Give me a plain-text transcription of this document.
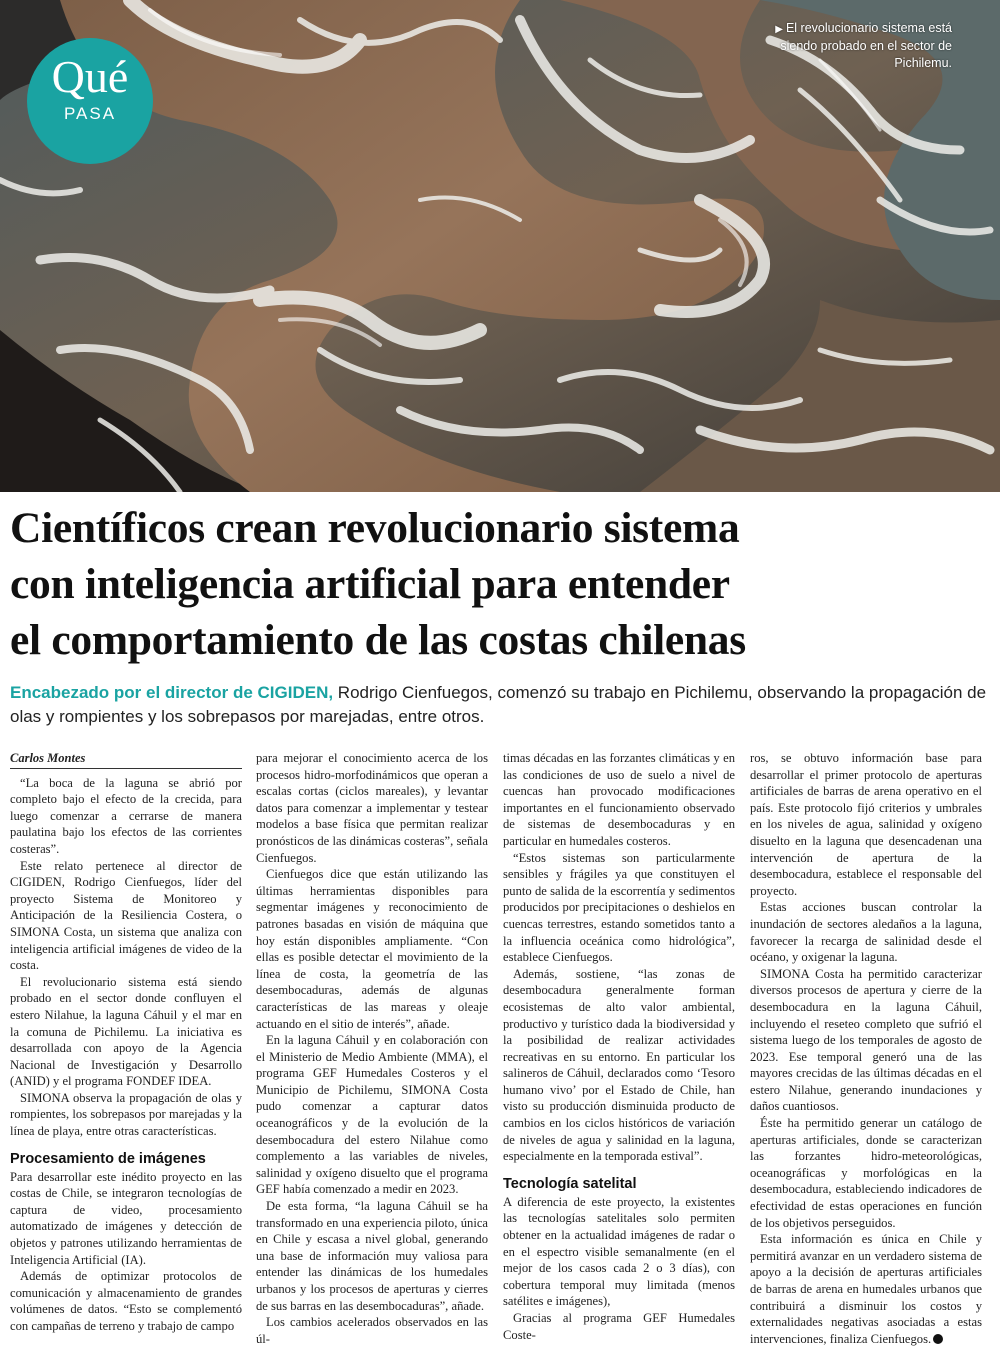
▶ El revolucionario sistema está siendo probado en el sector de Pichilemu.
Qué
PASA
Científicos crean revolucionario sistema
con inteligencia artificial para entender
el comportamiento de las costas chilenas
Encabezado por el director de CIGIDEN, Rodrigo Cienfuegos, comenzó su trabajo en Pichilemu, observando la propagación de olas y rompientes y los sobrepasos por marejadas, entre otros.
Carlos Montes

“La boca de la laguna se abrió por completo bajo el efecto de la crecida, para luego comenzar a cerrarse de manera paulatina bajo los efectos de las corrientes costeras”.

Este relato pertenece al director de CIGIDEN, Rodrigo Cienfuegos, líder del proyecto Sistema de Monitoreo y Anticipación de la Resiliencia Costera, o SIMONA Costa, un sistema que analiza con inteligencia artificial imágenes de video de la costa.

El revolucionario sistema está siendo probado en el sector donde confluyen el estero Nilahue, la laguna Cáhuil y el mar en la comuna de Pichilemu. La iniciativa es desarrollada con apoyo de la Agencia Nacional de Investigación y Desarrollo (ANID) y el programa FONDEF IDEA.

SIMONA observa la propagación de olas y rompientes, los sobrepasos por marejadas y la línea de playa, entre otras características.

Procesamiento de imágenes

Para desarrollar este inédito proyecto en las costas de Chile, se integraron tecnologías de captura de video, procesamiento automatizado de imágenes y detección de objetos y patrones utilizando herramientas de Inteligencia Artificial (IA).

Además de optimizar protocolos de comunicación y almacenamiento de grandes volúmenes de datos. “Esto se complementó con campañas de terreno y trabajo de campo

para mejorar el conocimiento acerca de los procesos hidro-morfodinámicos que operan a escalas cortas (ciclos mareales), y levantar datos para comenzar a implementar y testear modelos a base física que permitan realizar pronósticos de las dinámicas costeras”, señala Cienfuegos.

Cienfuegos dice que están utilizando las últimas herramientas disponibles para segmentar imágenes y reconocimiento de patrones basadas en visión de máquina que hoy están disponibles ampliamente. “Con ellas es posible detectar el movimiento de la línea de costa, la geometría de las desembocaduras, además de algunas características de las mareas y oleaje actuando en el sitio de interés”, añade.

En la laguna Cáhuil y en colaboración con el Ministerio de Medio Ambiente (MMA), el programa GEF Humedales Costeros y el Municipio de Pichilemu, SIMONA Costa pudo comenzar a capturar datos oceanográficos y de la evolución de la desembocadura del estero Nilahue como complemento a las variables de niveles, salinidad y oxígeno disuelto que el programa GEF había comenzado a medir en 2023.

De esta forma, “la laguna Cáhuil se ha transformado en una experiencia piloto, única en Chile y escasa a nivel global, generando una base de información muy valiosa para entender las dinámicas de los humedales urbanos y los procesos de aperturas y cierres de sus barras en las desembocaduras”, añade.

Los cambios acelerados observados en las úl-

timas décadas en las forzantes climáticas y en las condiciones de uso de suelo a nivel de cuencas han provocado modificaciones importantes en el funcionamiento observado de sistemas de desembocaduras y en particular en humedales costeros.

“Estos sistemas son particularmente sensibles y frágiles ya que constituyen el punto de salida de la escorrentía y sedimentos producidos por precipitaciones o deshielos en cuencas terrestres, estando sometidos tanto a la influencia oceánica como hidrológica”, establece Cienfuegos.

Además, sostiene, “las zonas de desembocadura generalmente forman ecosistemas de alto valor ambiental, productivo y turístico dada la biodiversidad y la posibilidad de realizar actividades recreativas en su entorno. En particular los salineros de Cáhuil, declarados como ‘Tesoro humano vivo’ por el Estado de Chile, han visto su producción disminuida producto de cambios en los ciclos históricos de variación de niveles de agua y salinidad en la laguna, especialmente en la temporada estival”.

Tecnología satelital

A diferencia de este proyecto, la existentes las tecnologías satelitales solo permiten obtener en la actualidad imágenes de radar o en el espectro visible semanalmente (en el mejor de los casos cada 2 o 3 días), con cobertura temporal muy limitada (menos satélites e imágenes),

Gracias al programa GEF Humedales Coste-

ros, se obtuvo información base para desarrollar el primer protocolo de aperturas artificiales de barras de arena operativo en el país. Este protocolo fijó criterios y umbrales en los niveles de agua, salinidad y oxígeno disuelto en la laguna que desencadenan una intervención de apertura de la desembocadura, establece el responsable del proyecto.

Estas acciones buscan controlar la inundación de sectores aledaños a la laguna, favorecer la recarga de salinidad desde el océano, y oxigenar la laguna.

SIMONA Costa ha permitido caracterizar diversos procesos de apertura y cierre de la desembocadura en la laguna Cáhuil, incluyendo el reseteo completo que sufrió el sistema luego de los temporales de agosto de 2023. Ese temporal generó una de las mayores crecidas de las últimas décadas en el estero Nilahue, generando inundaciones y daños cuantiosos.

Éste ha permitido generar un catálogo de aperturas artificiales, donde se caracterizan las forzantes hidro-meteorológicas, oceanográficas y morfológicas en la desembocadura, estableciendo indicadores de efectividad de estas operaciones en función de los objetivos perseguidos.

Esta información es única en Chile y permitirá avanzar en un verdadero sistema de apoyo a la decisión de aperturas artificiales de barras de arena en humedales urbanos que contribuirá a disminuir los costos y externalidades negativas asociadas a estas intervenciones, finaliza Cienfuegos.
